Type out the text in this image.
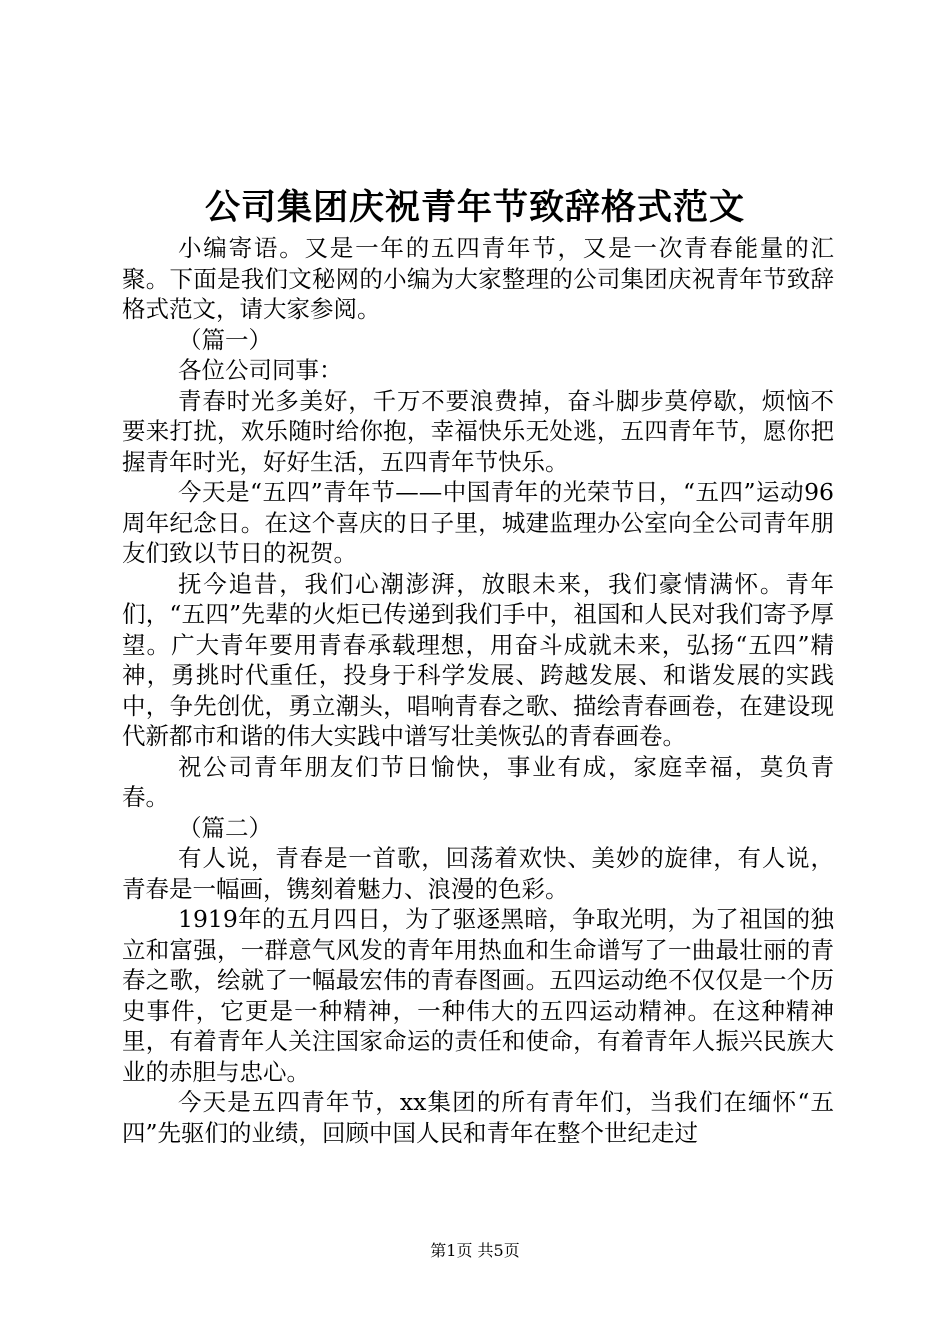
公司集团庆祝青年节致辞格式范文

小编寄语。又是一年的五四青年节，又是一次青春能量的汇聚。下面是我们文秘网的小编为大家整理的公司集团庆祝青年节致辞格式范文，请大家参阅。

（篇一）

各位公司同事：

青春时光多美好，千万不要浪费掉，奋斗脚步莫停歇，烦恼不要来打扰，欢乐随时给你抱，幸福快乐无处逃，五四青年节，愿你把握青年时光，好好生活，五四青年节快乐。

今天是“五四”青年节——中国青年的光荣节日，“五四”运动96周年纪念日。在这个喜庆的日子里，城建监理办公室向全公司青年朋友们致以节日的祝贺。

抚今追昔，我们心潮澎湃，放眼未来，我们豪情满怀。青年们，“五四”先辈的火炬已传递到我们手中，祖国和人民对我们寄予厚望。广大青年要用青春承载理想，用奋斗成就未来，弘扬“五四”精神，勇挑时代重任，投身于科学发展、跨越发展、和谐发展的实践中，争先创优，勇立潮头，唱响青春之歌、描绘青春画卷，在建设现代新都市和谐的伟大实践中谱写壮美恢弘的青春画卷。

祝公司青年朋友们节日愉快，事业有成，家庭幸福，莫负青春。

（篇二）

有人说，青春是一首歌，回荡着欢快、美妙的旋律，有人说，青春是一幅画，镌刻着魅力、浪漫的色彩。

1919年的五月四日，为了驱逐黑暗，争取光明，为了祖国的独立和富强，一群意气风发的青年用热血和生命谱写了一曲最壮丽的青春之歌，绘就了一幅最宏伟的青春图画。五四运动绝不仅仅是一个历史事件，它更是一种精神，一种伟大的五四运动精神。在这种精神里，有着青年人关注国家命运的责任和使命，有着青年人振兴民族大业的赤胆与忠心。

今天是五四青年节，xx集团的所有青年们，当我们在缅怀“五四”先驱们的业绩，回顾中国人民和青年在整个世纪走过

第1页 共5页
